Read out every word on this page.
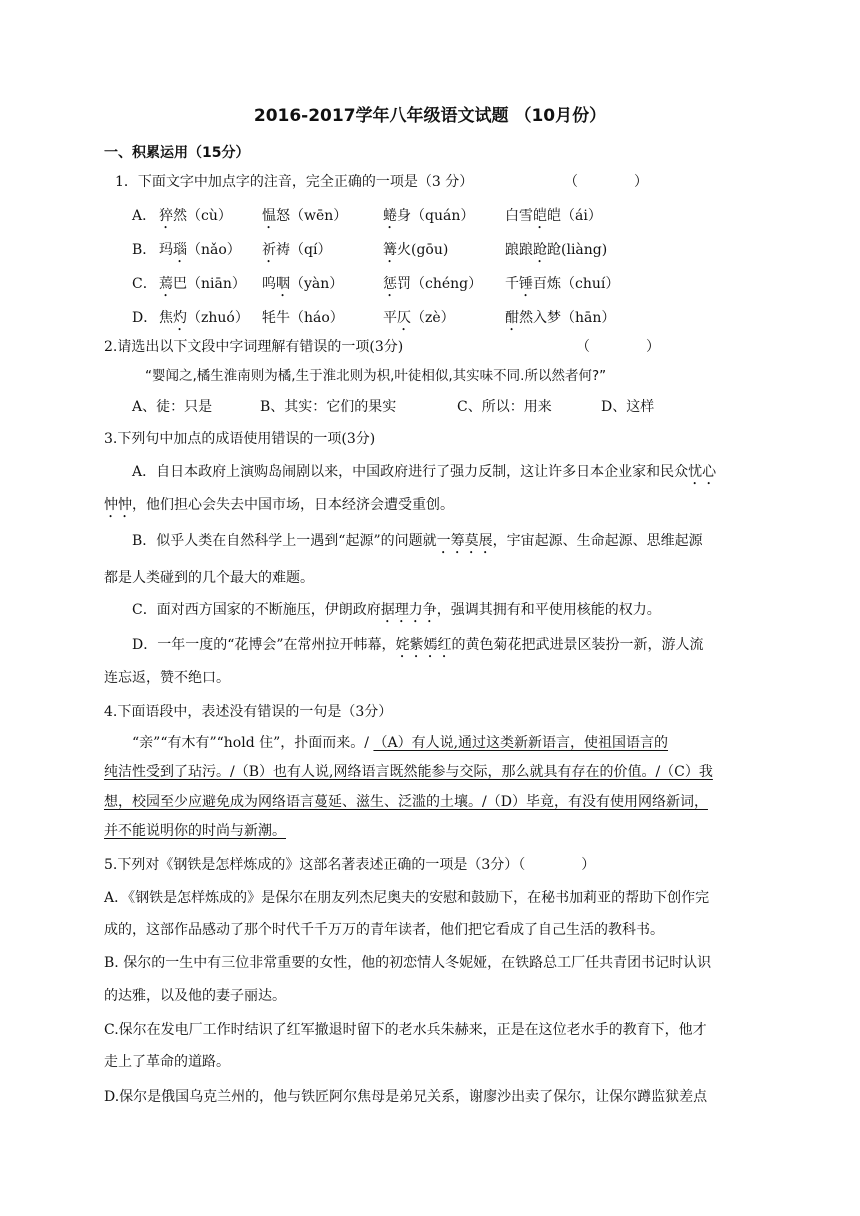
2016-2017学年八年级语文试题 （10月份）
一、积累运用（15分）
1．下面文字中加点字的注音，完全正确的一项是（3 分）	（	）
A． 猝然（cù） 愠怒（wēn）	蜷身（quán） 白雪皑皑（ái）
B． 玛瑙（nǎo） 祈祷（qí）	篝火(gōu)	踉踉跄跄(liàng)
C． 蔫巴（niān） 呜咽（yàn）	惩罚（chéng） 千锤百炼（chuí）
D． 焦灼（zhuó） 牦牛（háo）	平仄（zè）	酣然入梦（hān）
2.请选出以下文段中字词理解有错误的一项(3分)	（	）
“婴闻之,橘生淮南则为橘,生于淮北则为枳,叶徒相似,其实味不同.所以然者何?”
A、徒：只是	B、其实：它们的果实	C、所以：用来	D、这样
3.下列句中加点的成语使用错误的一项(3分)
A．自日本政府上演购岛闹剧以来，中国政府进行了强力反制，这让许多日本企业家和民众忧心
忡忡，他们担心会失去中国市场，日本经济会遭受重创。
B．似乎人类在自然科学上一遇到“起源”的问题就一筹莫展，宇宙起源、生命起源、思维起源
都是人类碰到的几个最大的难题。
C．面对西方国家的不断施压，伊朗政府据理力争，强调其拥有和平使用核能的权力。
D．一年一度的“花博会”在常州拉开帏幕，姹紫嫣红的黄色菊花把武进景区装扮一新，游人流
连忘返，赞不绝口。
4.下面语段中，表述没有错误的一句是（3分）
“亲”“有木有”“hold 住”，扑面而来。/ （A）有人说,通过这类新新语言，使祖国语言的
纯洁性受到了玷污。/（B）也有人说,网络语言既然能参与交际，那么就具有存在的价值。/（C）我
想，校园至少应避免成为网络语言蔓延、滋生、泛滥的土壤。/（D）毕竟，有没有使用网络新词，
并不能说明你的时尚与新潮。
5.下列对《钢铁是怎样炼成的》这部名著表述正确的一项是（3分）（	）
A．《钢铁是怎样炼成的》是保尔在朋友列杰尼奥夫的安慰和鼓励下，在秘书加莉亚的帮助下创作完
成的，这部作品感动了那个时代千千万万的青年读者，他们把它看成了自己生活的教科书。
B. 保尔的一生中有三位非常重要的女性，他的初恋情人冬妮娅，在铁路总工厂任共青团书记时认识
的达雅，以及他的妻子丽达。
C.保尔在发电厂工作时结识了红军撤退时留下的老水兵朱赫来，正是在这位老水手的教育下，他才
走上了革命的道路。
D.保尔是俄国乌克兰州的，他与铁匠阿尔焦母是弟兄关系，谢廖沙出卖了保尔，让保尔蹲监狱差点
